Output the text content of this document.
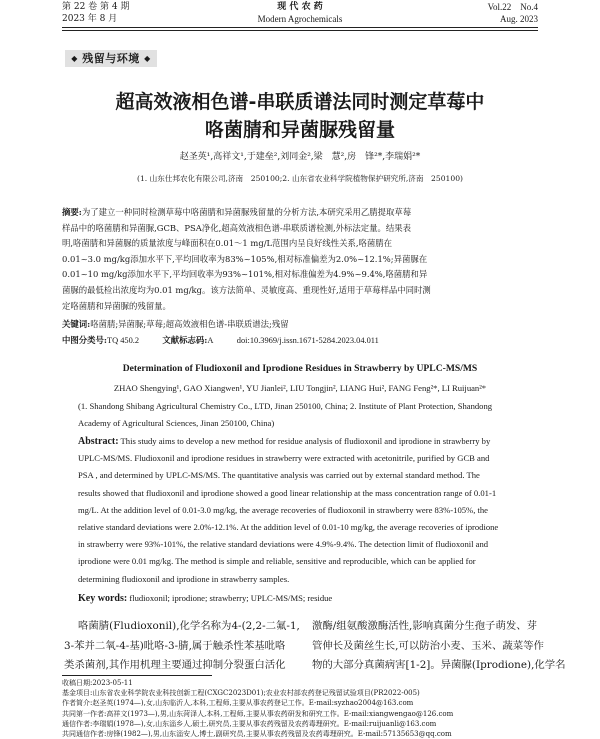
第 22 卷 第 4 期
2023 年 8 月
现 代 农 药
Modern Agrochemicals
Vol.22    No.4
Aug. 2023
◆ 残留与环境 ◆
超高效液相色谱-串联质谱法同时测定草莓中
咯菌腈和异菌脲残留量
赵圣英¹,高祥文¹,于建垒²,刘同金²,梁　慧²,房　锋²*,李瑞娟²*
(1. 山东仕邦农化有限公司,济南　250100;2. 山东省农业科学院植物保护研究所,济南　250100)
摘要:为了建立一种同时检测草莓中咯菌腈和异菌脲残留量的分析方法,本研究采用乙腈提取草莓
样品中的咯菌腈和异菌脲,GCB、PSA净化,超高效液相色谱-串联质谱检测,外标法定量。结果表
明,咯菌腈和异菌脲的质量浓度与峰面积在0.01～1 mg/L范围内呈良好线性关系,咯菌腈在
0.01~3.0 mg/kg添加水平下,平均回收率为83%~105%,相对标准偏差为2.0%~12.1%;异菌脲在
0.01~10 mg/kg添加水平下,平均回收率为93%~101%,相对标准偏差为4.9%~9.4%,咯菌腈和异
菌脲的最低检出浓度均为0.01 mg/kg。该方法简单、灵敏度高、重现性好,适用于草莓样品中同时测
定咯菌腈和异菌脲的残留量。
关键词:咯菌腈;异菌脲;草莓;超高效液相色谱-串联质谱法;残留
中图分类号:TQ 450.2	文献标志码:A	doi:10.3969/j.issn.1671-5284.2023.04.011
Determination of Fludioxonil and Iprodione Residues in Strawberry by UPLC-MS/MS
ZHAO Shengying¹, GAO Xiangwen¹, YU Jianlei², LIU Tongjin², LIANG Hui², FANG Feng²*, LI Ruijuan²*
(1. Shandong Shibang Agricultural Chemistry Co., LTD, Jinan 250100, China; 2. Institute of Plant Protection, Shandong
Academy of Agricultural Sciences, Jinan 250100, China)
Abstract: This study aims to develop a new method for residue analysis of fludioxonil and iprodione in strawberry by
UPLC-MS/MS. Fludioxonil and iprodione residues in strawberry were extracted with acetonitrile, purified by GCB and
PSA , and determined by UPLC-MS/MS. The quantitative analysis was carried out by external standard method. The
results showed that fludioxonil and iprodione showed a good linear relationship at the mass concentration range of 0.01-1
mg/L. At the addition level of 0.01-3.0 mg/kg, the average recoveries of fludioxonil in strawberry were 83%-105%, the
relative standard deviations were 2.0%-12.1%. At the addition level of 0.01-10 mg/kg, the average recoveries of iprodione
in strawberry were 93%-101%, the relative standard deviations were 4.9%-9.4%. The detection limit of fludioxonil and
iprodione were 0.01 mg/kg. The method is simple and reliable, sensitive and reproducible, which can be applied for
determining fludioxonil and iprodione in strawberry samples.
Key words: fludioxonil; iprodione; strawberry; UPLC-MS/MS; residue
咯菌腈(Fludioxonil),化学名称为4-(2,2-二氟-1,
3-苯并二氧-4-基)吡咯-3-腈,属于触杀性苯基吡咯
类杀菌剂,其作用机理主要通过抑制分裂蛋白活化
激酶/组氨酸激酶活性,影响真菌分生孢子萌发、芽
管伸长及菌丝生长,可以防治小麦、玉米、蔬菜等作
物的大部分真菌病害[1-2]。异菌脲(Iprodione),化学名
收稿日期:2023-05-11
基金项目:山东省农业科学院农业科技创新工程(CXGC2023D01);农业农村部农药登记残留试验项目(PR2022-005)
作者简介:赵圣英(1974—),女,山东临沂人,本科,工程师,主要从事农药登记工作。E-mail:syzhao2004@163.com
共同第一作者:高祥文(1973—),男,山东菏泽人,本科,工程师,主要从事农药研发和研究工作。E-mail:xiangwengao@126.com
通信作者:李瑞娟(1978—),女,山东淄乡人,硕士,研究员,主要从事农药残留及农药毒理研究。E-mail:ruijuanli@163.com
共同通信作者:房锋(1982—),男,山东淄安人,博士,副研究员,主要从事农药残留及农药毒理研究。E-mail:57135653@qq.com
